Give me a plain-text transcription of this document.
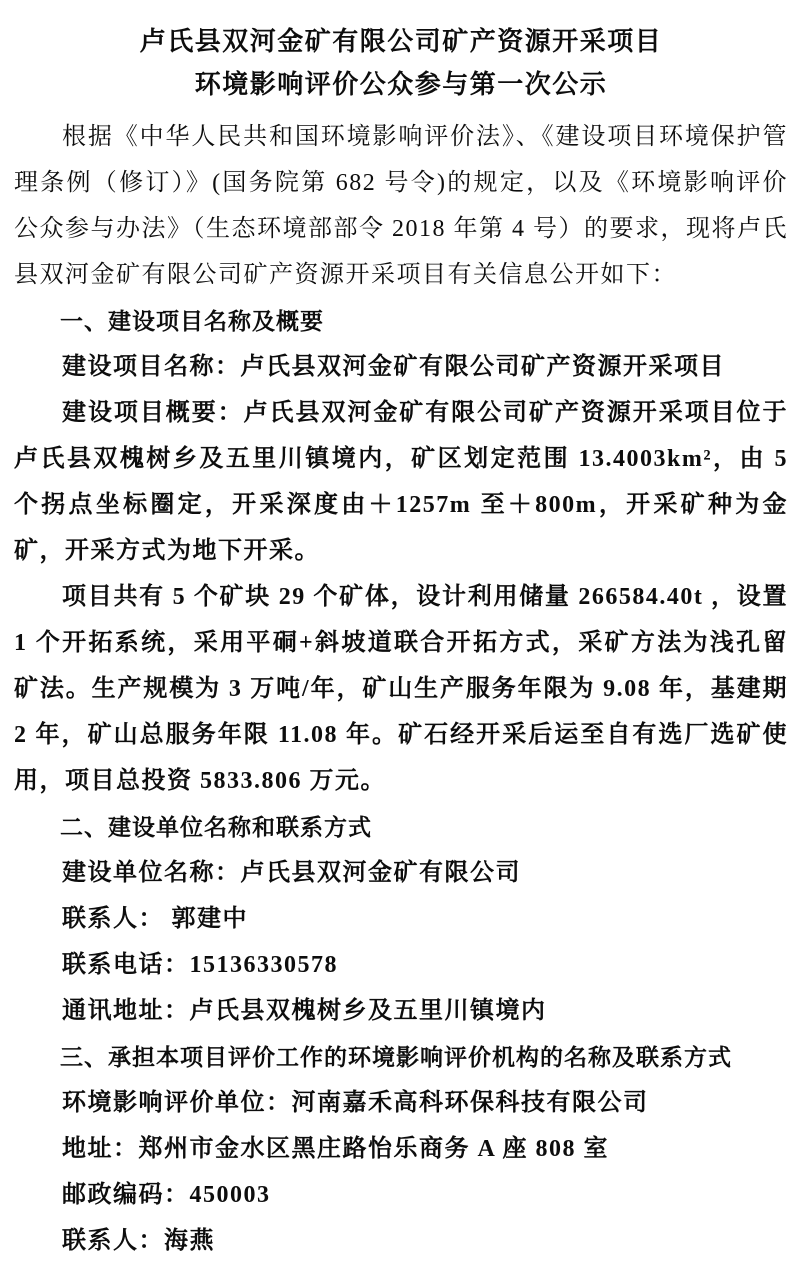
卢氏县双河金矿有限公司矿产资源开采项目
环境影响评价公众参与第一次公示

根据《中华人民共和国环境影响评价法》、《建设项目环境保护管理条例（修订）》(国务院第 682 号令)的规定，以及《环境影响评价公众参与办法》（生态环境部部令 2018 年第 4 号）的要求，现将卢氏县双河金矿有限公司矿产资源开采项目有关信息公开如下：

一、建设项目名称及概要

建设项目名称：卢氏县双河金矿有限公司矿产资源开采项目

建设项目概要：卢氏县双河金矿有限公司矿产资源开采项目位于卢氏县双槐树乡及五里川镇境内，矿区划定范围 13.4003km²，由 5 个拐点坐标圈定，开采深度由＋1257m 至＋800m，开采矿种为金矿，开采方式为地下开采。

项目共有 5 个矿块 29 个矿体，设计利用储量 266584.40t ，设置 1 个开拓系统，采用平硐+斜坡道联合开拓方式，采矿方法为浅孔留矿法。生产规模为 3 万吨/年，矿山生产服务年限为 9.08 年，基建期 2 年，矿山总服务年限 11.08 年。矿石经开采后运至自有选厂选矿使用，项目总投资 5833.806 万元。

二、建设单位名称和联系方式

建设单位名称：卢氏县双河金矿有限公司

联系人： 郭建中

联系电话：15136330578

通讯地址：卢氏县双槐树乡及五里川镇境内

三、承担本项目评价工作的环境影响评价机构的名称及联系方式

环境影响评价单位：河南嘉禾高科环保科技有限公司

地址：郑州市金水区黑庄路怡乐商务 A 座 808 室

邮政编码：450003

联系人：海燕
